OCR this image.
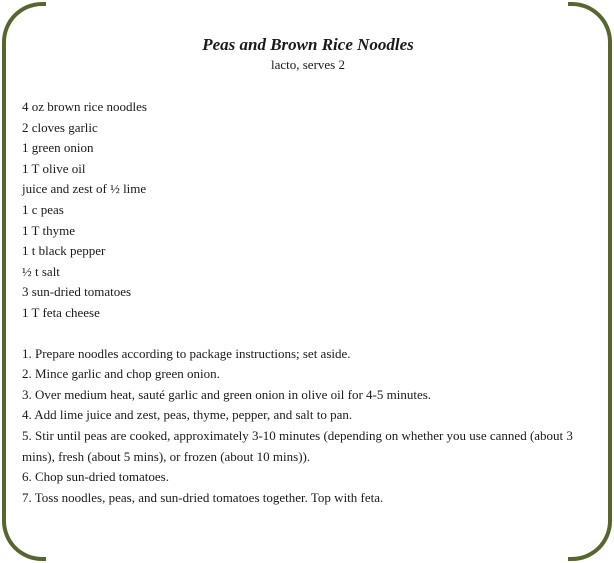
Peas and Brown Rice Noodles

lacto, serves 2

4 oz brown rice noodles
2 cloves garlic
1 green onion
1 T olive oil
juice and zest of ½ lime
1 c peas
1 T thyme
1 t black pepper
½ t salt
3 sun-dried tomatoes
1 T feta cheese
1. Prepare noodles according to package instructions; set aside.
2. Mince garlic and chop green onion.
3. Over medium heat, sauté garlic and green onion in olive oil for 4-5 minutes.
4. Add lime juice and zest, peas, thyme, pepper, and salt to pan.
5. Stir until peas are cooked, approximately 3-10 minutes (depending on whether you use canned (about 3 mins), fresh (about 5 mins), or frozen (about 10 mins)).
6. Chop sun-dried tomatoes.
7. Toss noodles, peas, and sun-dried tomatoes together. Top with feta.
